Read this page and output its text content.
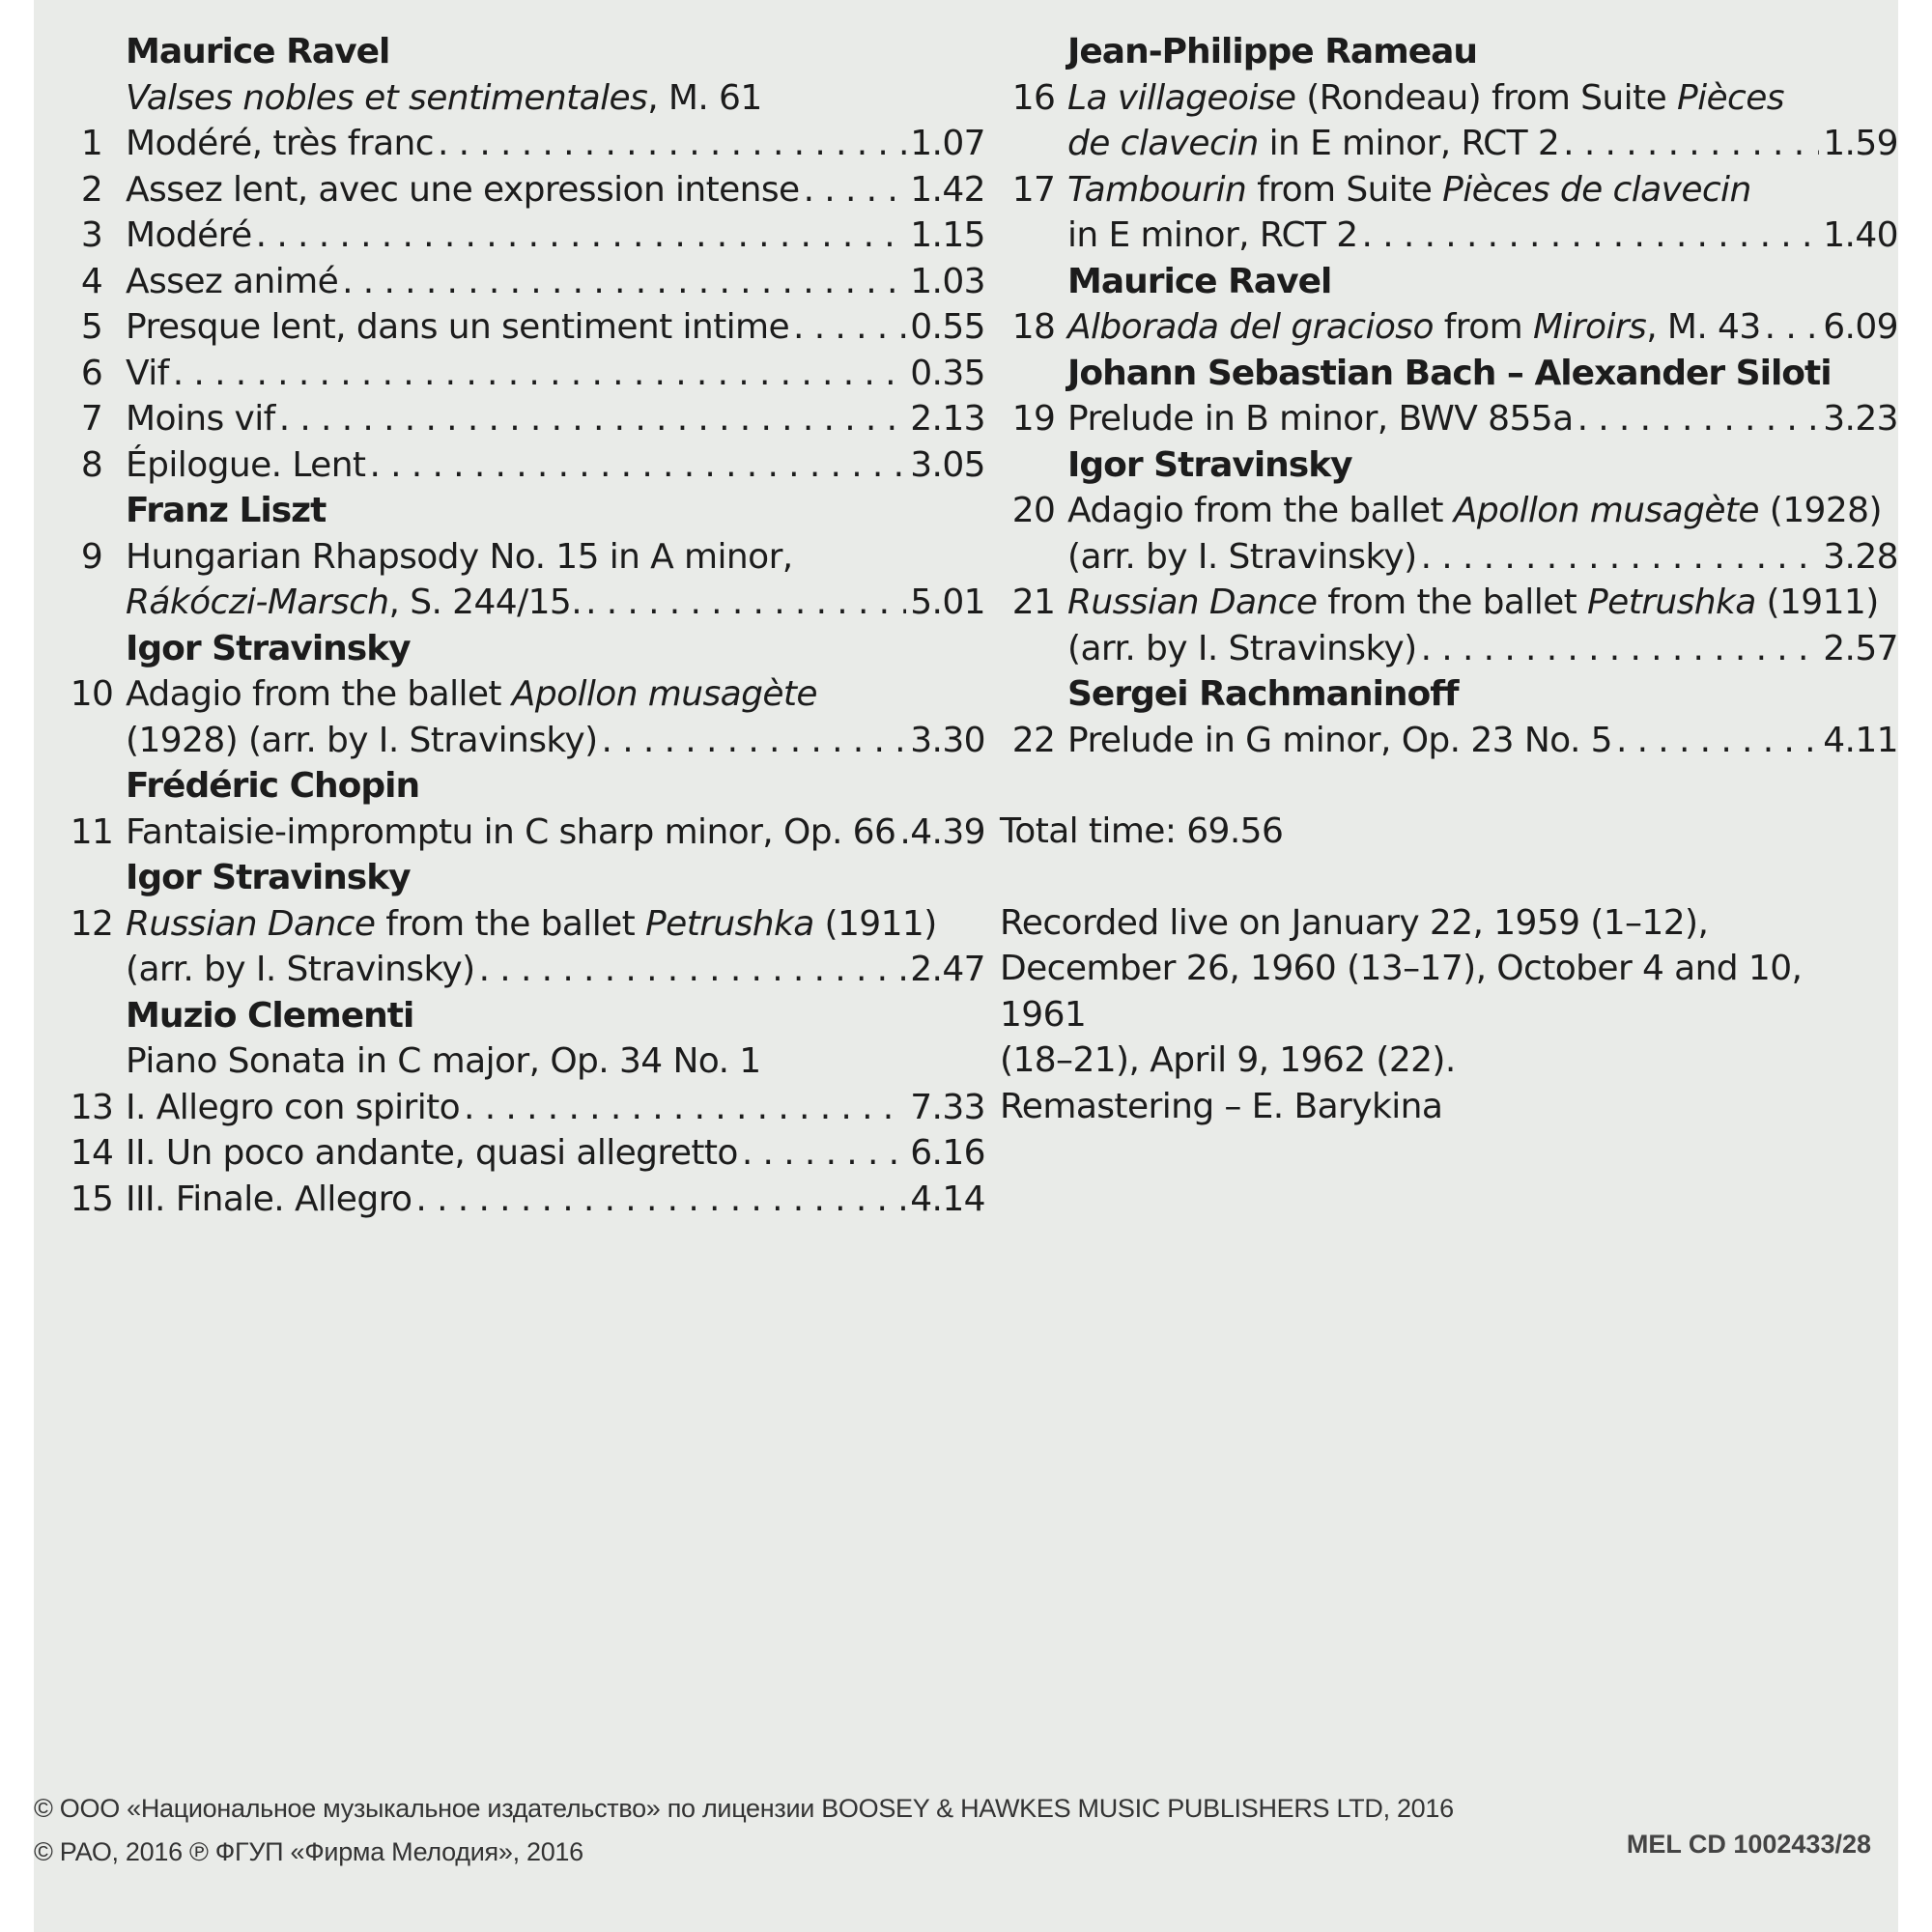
Maurice Ravel
Valses nobles et sentimentales, M. 61
1 Modéré, très franc . . .	1.07
2 Assez lent, avec une expression intense . . .	1.42
3 Modéré . . .	1.15
4 Assez animé . . .	1.03
5 Presque lent, dans un sentiment intime . . .	0.55
6 Vif . . .	0.35
7 Moins vif . . .	2.13
8 Épilogue. Lent . . .	3.05
Franz Liszt
9 Hungarian Rhapsody No. 15 in A minor,
Rákóczi-Marsch, S. 244/15. . . .	5.01
Igor Stravinsky
10 Adagio from the ballet Apollon musagète
(1928) (arr. by I. Stravinsky) . . .	3.30
Frédéric Chopin
11 Fantaisie-impromptu in C sharp minor, Op. 66 .4.39
Igor Stravinsky
12 Russian Dance from the ballet Petrushka (1911)
(arr. by I. Stravinsky) . . .	2.47
Muzio Clementi
Piano Sonata in C major, Op. 34 No. 1
13 I. Allegro con spirito . . .	7.33
14 II. Un poco andante, quasi allegretto . . .	6.16
15 III. Finale. Allegro . . .	4.14
Jean-Philippe Rameau
16 La villageoise (Rondeau) from Suite Pièces
de clavecin in E minor, RCT 2 . . .	1.59
17 Tambourin from Suite Pièces de clavecin
in E minor, RCT 2 . . .	1.40
Maurice Ravel
18 Alborada del gracioso from Miroirs, M. 43 . . . 6.09
Johann Sebastian Bach – Alexander Siloti
19 Prelude in B minor, BWV 855a . . .	3.23
Igor Stravinsky
20 Adagio from the ballet Apollon musagète (1928)
(arr. by I. Stravinsky) . . .	3.28
21 Russian Dance from the ballet Petrushka (1911)
(arr. by I. Stravinsky) . . .	2.57
Sergei Rachmaninoff
22 Prelude in G minor, Op. 23 No. 5 . . .	4.11
Total time: 69.56
Recorded live on January 22, 1959 (1–12),
December 26, 1960 (13–17), October 4 and 10, 1961
(18–21), April 9, 1962 (22).
Remastering – E. Barykina
© ООО «Национальное музыкальное издательство» по лицензии BOOSEY & HAWKES MUSIC PUBLISHERS LTD, 2016
© РАО, 2016 ℗ ФГУП «Фирма Мелодия», 2016	MEL CD 1002433/28
